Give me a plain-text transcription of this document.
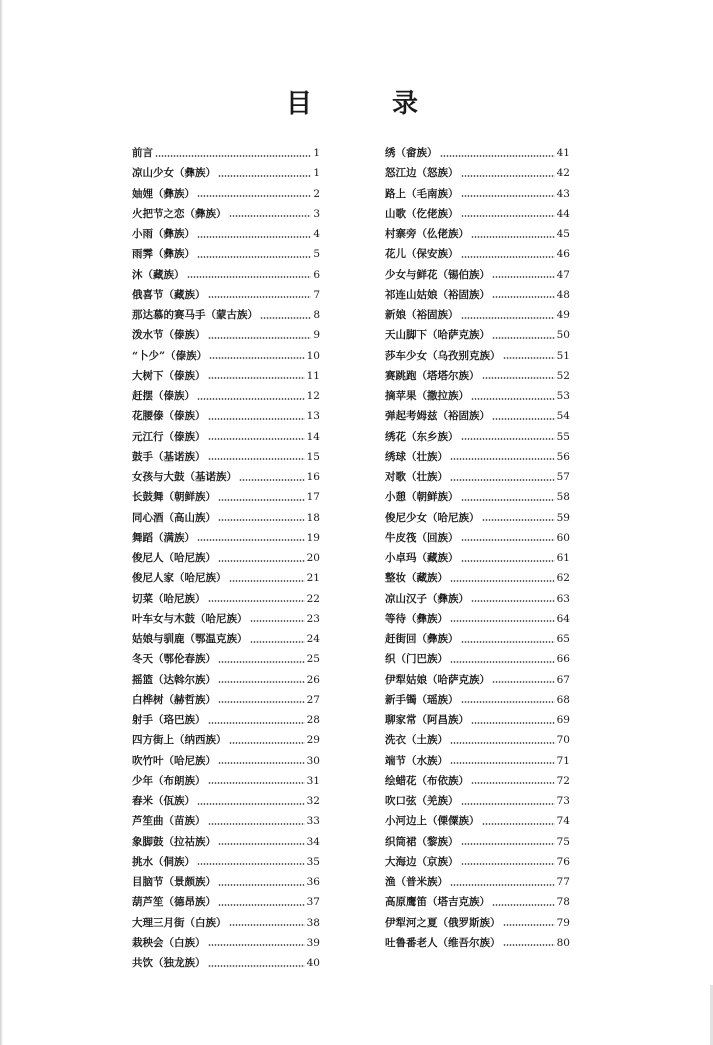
目	录
前言	1
凉山少女（彝族）	1
妯娌（彝族）	2
火把节之恋（彝族）	3
小雨（彝族）	4
雨霁（彝族）	5
沐（藏族）	6
俄喜节（藏族）	7
那达慕的赛马手（蒙古族）	8
泼水节（傣族）	9
“卜少”（傣族）	10
大树下（傣族）	11
赶摆（傣族）	12
花腰傣（傣族）	13
元江行（傣族）	14
鼓手（基诺族）	15
女孩与大鼓（基诺族）	16
长鼓舞（朝鲜族）	17
同心酒（高山族）	18
舞蹈（满族）	19
俊尼人（哈尼族）	20
俊尼人家（哈尼族）	21
切菜（哈尼族）	22
叶车女与木鼓（哈尼族）	23
姑娘与驯鹿（鄂温克族）	24
冬天（鄂伦春族）	25
摇篮（达斡尔族）	26
白桦树（赫哲族）	27
射手（珞巴族）	28
四方街上（纳西族）	29
吹竹叶（哈尼族）	30
少年（布朗族）	31
舂米（佤族）	32
芦笙曲（苗族）	33
象脚鼓（拉祜族）	34
挑水（侗族）	35
目脑节（景颇族）	36
葫芦笙（德昂族）	37
大理三月街（白族）	38
栽秧会（白族）	39
共饮（独龙族）	40
绣（畲族）	41
怒江边（怒族）	42
路上（毛南族）	43
山歌（仡佬族）	44
村寨旁（仫佬族）	45
花儿（保安族）	46
少女与鲜花（锡伯族）	47
祁连山姑娘（裕固族）	48
新娘（裕固族）	49
天山脚下（哈萨克族）	50
莎车少女（乌孜别克族）	51
赛跳跑（塔塔尔族）	52
摘苹果（撒拉族）	53
弹起考姆兹（裕固族）	54
绣花（东乡族）	55
绣球（壮族）	56
对歌（壮族）	57
小憩（朝鲜族）	58
俊尼少女（哈尼族）	59
牛皮筏（回族）	60
小卓玛（藏族）	61
整妆（藏族）	62
凉山汉子（彝族）	63
等待（彝族）	64
赶街回（彝族）	65
织（门巴族）	66
伊犁姑娘（哈萨克族）	67
新手镯（瑶族）	68
聊家常（阿昌族）	69
洗衣（土族）	70
端节（水族）	71
绘蜡花（布依族）	72
吹口弦（羌族）	73
小河边上（傈僳族）	74
织筒裙（黎族）	75
大海边（京族）	76
渔（普米族）	77
高原鹰笛（塔吉克族）	78
伊犁河之夏（俄罗斯族）	79
吐鲁番老人（维吾尔族）	80
